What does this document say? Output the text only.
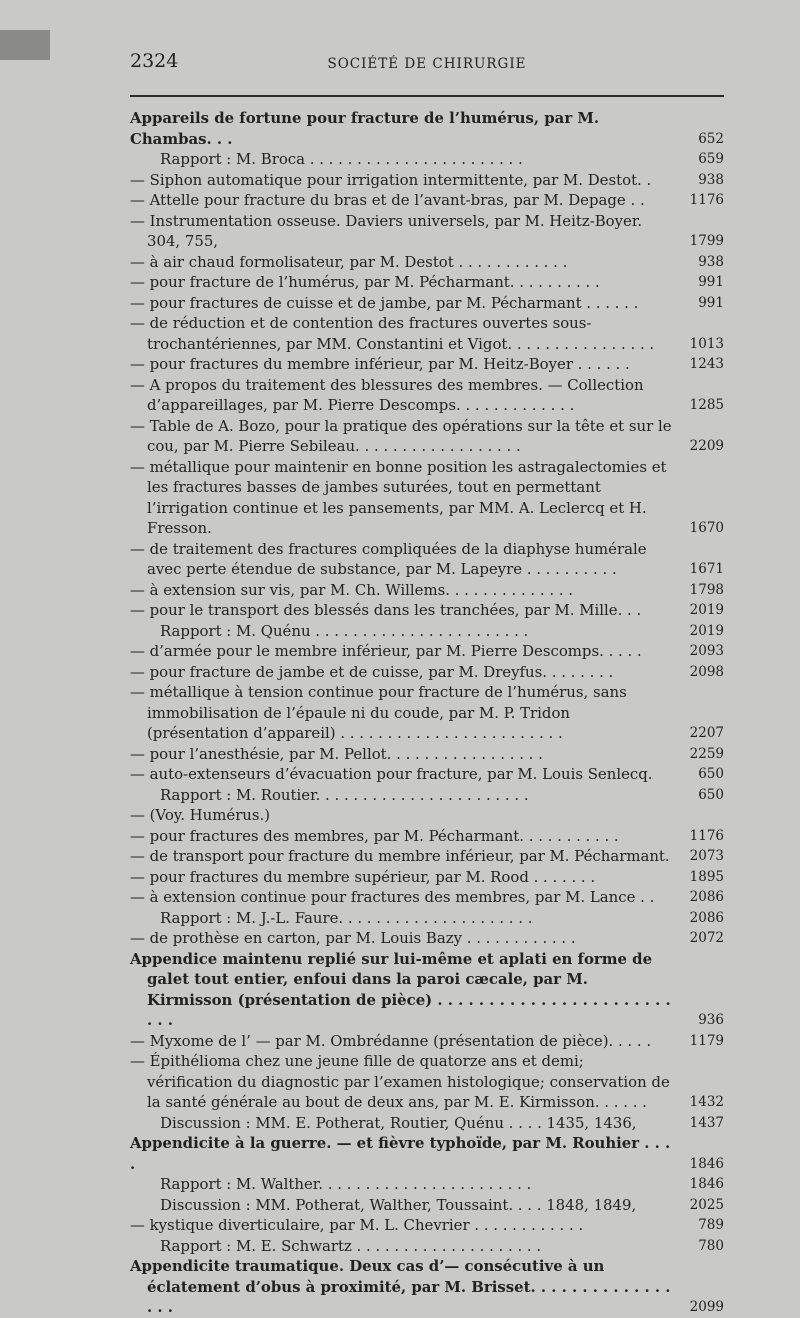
2324	SOCIÉTÉ DE CHIRURGIE

Appareils de fortune pour fracture de l’humérus, par M. Chambas. . .	652

Rapport : M. Broca . . . . . . . . . . . . . . . . . . . . . . .	659

— Siphon automatique pour irrigation intermittente, par M. Destot. .	938

— Attelle pour fracture du bras et de l’avant-bras, par M. Depage . .	1176

— Instrumentation osseuse. Daviers universels, par M. Heitz-Boyer. 304, 755,	1799

— à air chaud formolisateur, par M. Destot . . . . . . . . . . . .	938

— pour fracture de l’humérus, par M. Pécharmant. . . . . . . . . .	991

— pour fractures de cuisse et de jambe, par M. Pécharmant . . . . . .	991

— de réduction et de contention des fractures ouvertes sous-trochantériennes, par MM. Constantini et Vigot. . . . . . . . . . . . . . . .	1013

— pour fractures du membre inférieur, par M. Heitz-Boyer . . . . . .	1243

— A propos du traitement des blessures des membres. — Collection d’appareillages, par M. Pierre Descomps. . . . . . . . . . . . .	1285

— Table de A. Bozo, pour la pratique des opérations sur la tête et sur le cou, par M. Pierre Sebileau. . . . . . . . . . . . . . . . . .	2209

— métallique pour maintenir en bonne position les astragalectomies et les fractures basses de jambes suturées, tout en permettant l’irrigation continue et les pansements, par MM. A. Leclercq et H. Fresson.	1670

— de traitement des fractures compliquées de la diaphyse humérale avec perte étendue de substance, par M. Lapeyre . . . . . . . . . .	1671

— à extension sur vis, par M. Ch. Willems. . . . . . . . . . . . . .	1798

— pour le transport des blessés dans les tranchées, par M. Mille. . .	2019

Rapport : M. Quénu . . . . . . . . . . . . . . . . . . . . . . .	2019

— d’armée pour le membre inférieur, par M. Pierre Descomps. . . . .	2093

— pour fracture de jambe et de cuisse, par M. Dreyfus. . . . . . . .	2098

— métallique à tension continue pour fracture de l’humérus, sans immobilisation de l’épaule ni du coude, par M. P. Tridon (présentation d’appareil) . . . . . . . . . . . . . . . . . . . . . . . .	2207

— pour l’anesthésie, par M. Pellot. . . . . . . . . . . . . . . . .	2259

— auto-extenseurs d’évacuation pour fracture, par M. Louis Senlecq.	650

Rapport : M. Routier. . . . . . . . . . . . . . . . . . . . . . .	650

— (Voy. Humérus.)

— pour fractures des membres, par M. Pécharmant. . . . . . . . . . .	1176

— de transport pour fracture du membre inférieur, par M. Pécharmant.	2073

— pour fractures du membre supérieur, par M. Rood . . . . . . .	1895

— à extension continue pour fractures des membres, par M. Lance . .	2086

Rapport : M. J.-L. Faure. . . . . . . . . . . . . . . . . . . . .	2086

— de prothèse en carton, par M. Louis Bazy . . . . . . . . . . . .	2072

Appendice maintenu replié sur lui-même et aplati en forme de galet tout entier, enfoui dans la paroi cæcale, par M. Kirmisson (présentation de pièce) . . . . . . . . . . . . . . . . . . . . . . . . . .	936

— Myxome de l’ — par M. Ombrédanne (présentation de pièce). . . . .	1179

— Épithélioma chez une jeune fille de quatorze ans et demi; vérification du diagnostic par l’examen histologique; conservation de la santé générale au bout de deux ans, par M. E. Kirmisson. . . . . .	1432

Discussion : MM. E. Potherat, Routier, Quénu . . . . 1435, 1436,	1437

Appendicite à la guerre. — et fièvre typhoïde, par M. Rouhier . . . .	1846

Rapport : M. Walther. . . . . . . . . . . . . . . . . . . . . . .	1846

Discussion : MM. Potherat, Walther, Toussaint. . . . 1848, 1849,	2025

— kystique diverticulaire, par M. L. Chevrier . . . . . . . . . . . .	789

Rapport : M. E. Schwartz . . . . . . . . . . . . . . . . . . . .	780

Appendicite traumatique. Deux cas d’— consécutive à un éclatement d’obus à proximité, par M. Brisset. . . . . . . . . . . . . . . . .	2099
